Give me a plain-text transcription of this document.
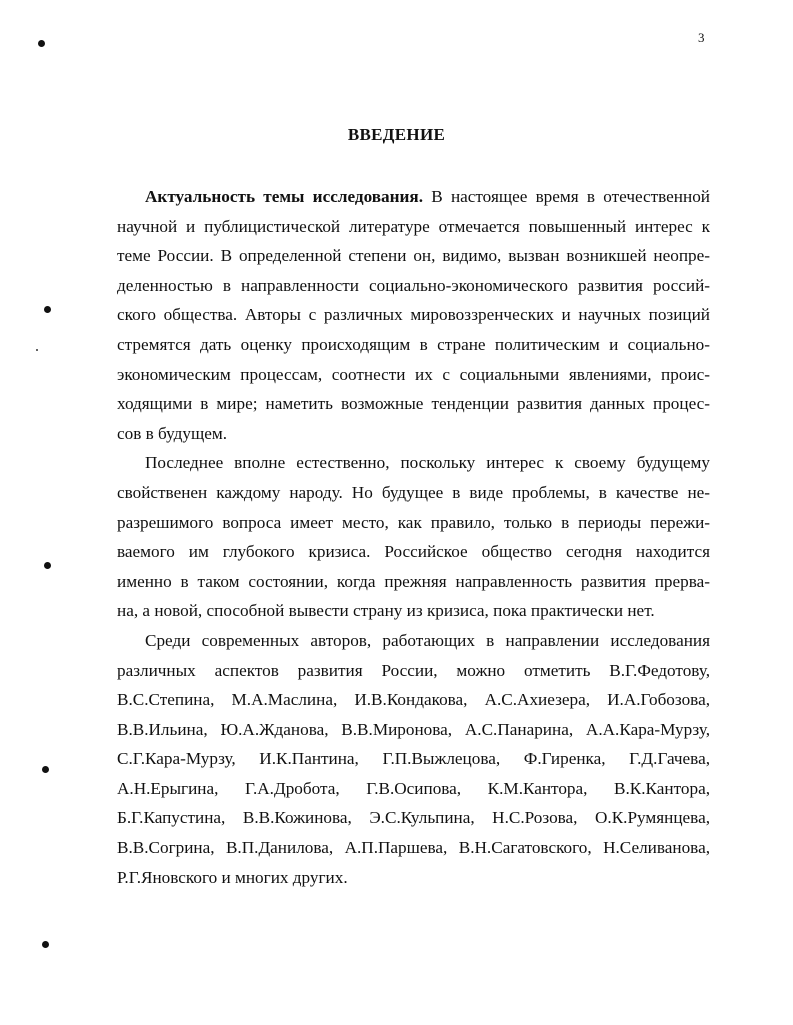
3
ВВЕДЕНИЕ
Актуальность темы исследования. В настоящее время в отечественной
научной и публицистической литературе отмечается повышенный интерес к
теме России. В определенной степени он, видимо, вызван возникшей неопре-
деленностью в направленности социально-экономического развития россий-
ского общества. Авторы с различных мировоззренческих и научных позиций
стремятся дать оценку происходящим в стране политическим и социально-
экономическим процессам, соотнести их с социальными явлениями, проис-
ходящими в мире; наметить возможные тенденции развития данных процес-
сов в будущем.
Последнее вполне естественно, поскольку интерес к своему будущему
свойственен каждому народу. Но будущее в виде проблемы, в качестве не-
разрешимого вопроса имеет место, как правило, только в периоды пережи-
ваемого им глубокого кризиса. Российское общество сегодня находится
именно в таком состоянии, когда прежняя направленность развития прерва-
на, а новой, способной вывести страну из кризиса, пока практически нет.
Среди современных авторов, работающих в направлении исследования
различных аспектов развития России, можно отметить В.Г.Федотову,
В.С.Степина, М.А.Маслина, И.В.Кондакова, А.С.Ахиезера, И.А.Гобозова,
В.В.Ильина, Ю.А.Жданова, В.В.Миронова, А.С.Панарина, А.А.Кара-Мурзу,
С.Г.Кара-Мурзу, И.К.Пантина, Г.П.Выжлецова, Ф.Гиренка, Г.Д.Гачева,
А.Н.Ерыгина, Г.А.Дробота, Г.В.Осипова, К.М.Кантора, В.К.Кантора,
Б.Г.Капустина, В.В.Кожинова, Э.С.Кульпина, Н.С.Розова, О.К.Румянцева,
В.В.Согрина, В.П.Данилова, А.П.Паршева, В.Н.Сагатовского, Н.Селиванова,
Р.Г.Яновского и многих других.
